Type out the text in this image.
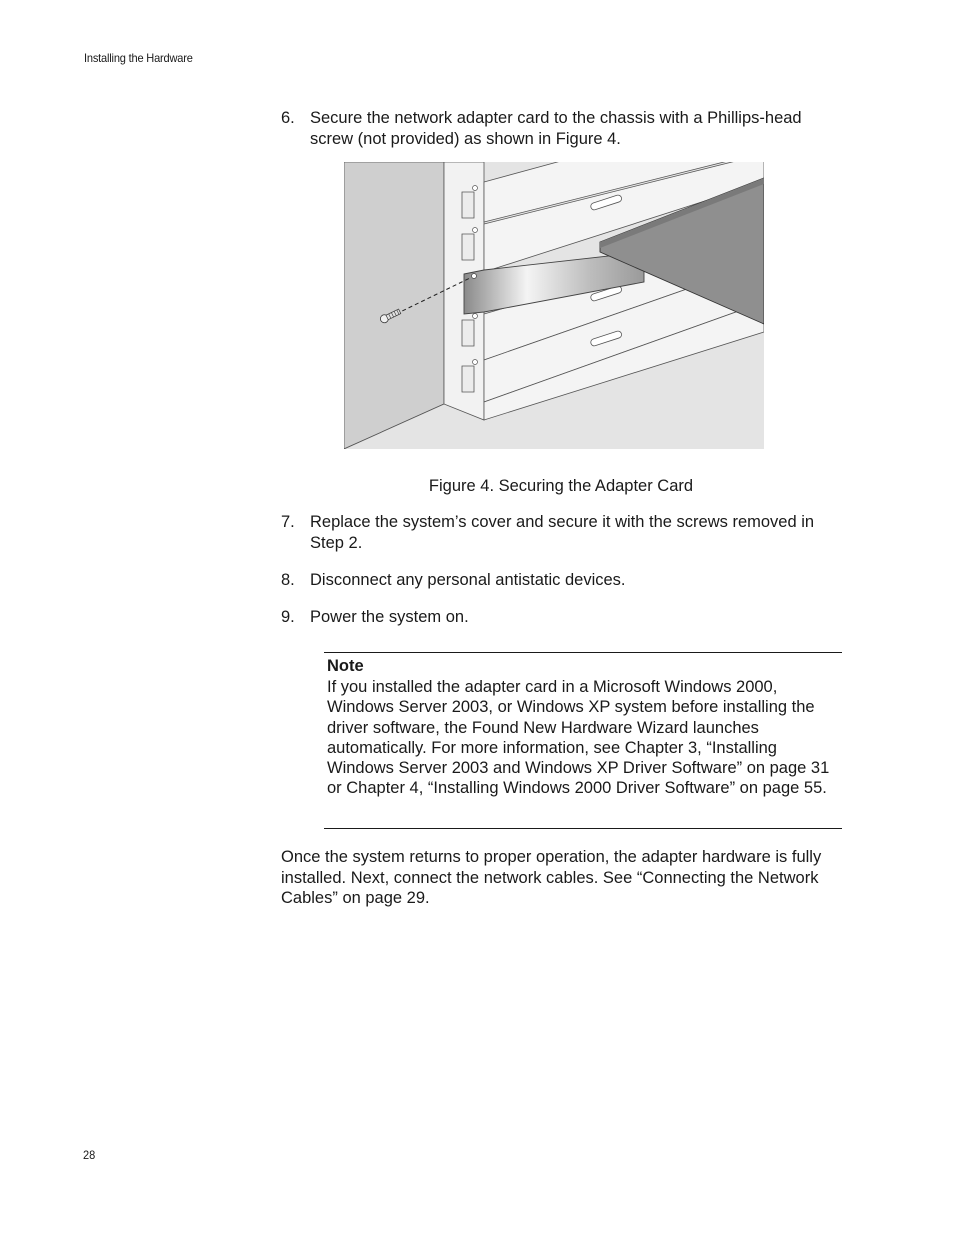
Installing the Hardware
6. Secure the network adapter card to the chassis with a Phillips-head screw (not provided) as shown in Figure 4.
Figure 4. Securing the Adapter Card
7. Replace the system’s cover and secure it with the screws removed in Step 2.
8. Disconnect any personal antistatic devices.
9. Power the system on.
Note
If you installed the adapter card in a Microsoft Windows 2000, Windows Server 2003, or Windows XP system before installing the driver software, the Found New Hardware Wizard launches automatically. For more information, see Chapter 3, “Installing Windows Server 2003 and Windows XP Driver Software” on page 31 or Chapter 4, “Installing Windows 2000 Driver Software” on page 55.
Once the system returns to proper operation, the adapter hardware is fully installed. Next, connect the network cables. See “Connecting the Network Cables” on page 29.
28
